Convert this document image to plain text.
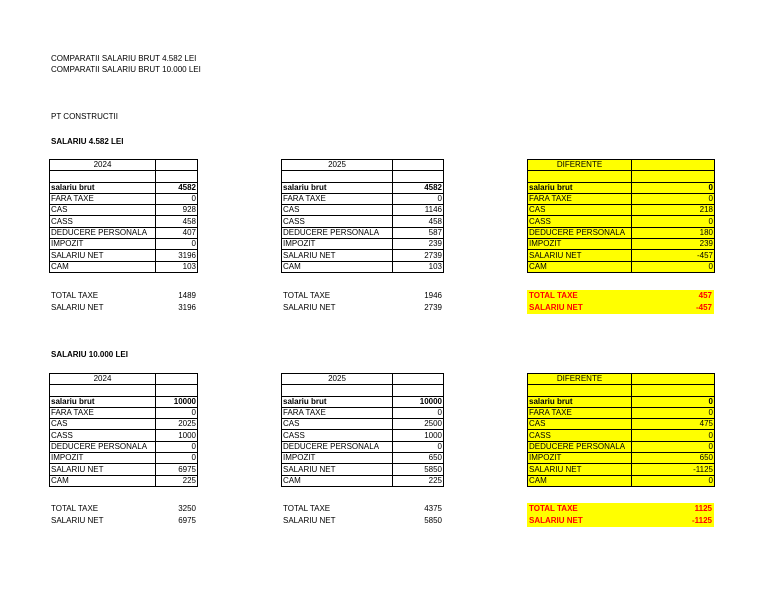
COMPARATII SALARIU BRUT 4.582 LEI
COMPARATII SALARIU BRUT 10.000 LEI
PT CONSTRUCTII
SALARIU 4.582 LEI
2024	

salariu brut	4582
FARA TAXE	0
CAS	928
CASS	458
DEDUCERE PERSONALA	407
IMPOZIT	0
SALARIU NET	3196
CAM	103
2025	

salariu brut	4582
FARA TAXE	0
CAS	1146
CASS	458
DEDUCERE PERSONALA	587
IMPOZIT	239
SALARIU NET	2739
CAM	103
DIFERENTE	

salariu brut	0
FARA TAXE	0
CAS	218
CASS	0
DEDUCERE PERSONALA	180
IMPOZIT	239
SALARIU NET	-457
CAM	0
TOTAL TAXE	1489
SALARIU NET	3196
TOTAL TAXE	1946
SALARIU NET	2739
TOTAL TAXE	457
SALARIU NET	-457
SALARIU 10.000 LEI
2024	

salariu brut	10000
FARA TAXE	0
CAS	2025
CASS	1000
DEDUCERE PERSONALA	0
IMPOZIT	0
SALARIU NET	6975
CAM	225
2025	

salariu brut	10000
FARA TAXE	0
CAS	2500
CASS	1000
DEDUCERE PERSONALA	0
IMPOZIT	650
SALARIU NET	5850
CAM	225
DIFERENTE	

salariu brut	0
FARA TAXE	0
CAS	475
CASS	0
DEDUCERE PERSONALA	0
IMPOZIT	650
SALARIU NET	-1125
CAM	0
TOTAL TAXE	3250
SALARIU NET	6975
TOTAL TAXE	4375
SALARIU NET	5850
TOTAL TAXE	1125
SALARIU NET	-1125
